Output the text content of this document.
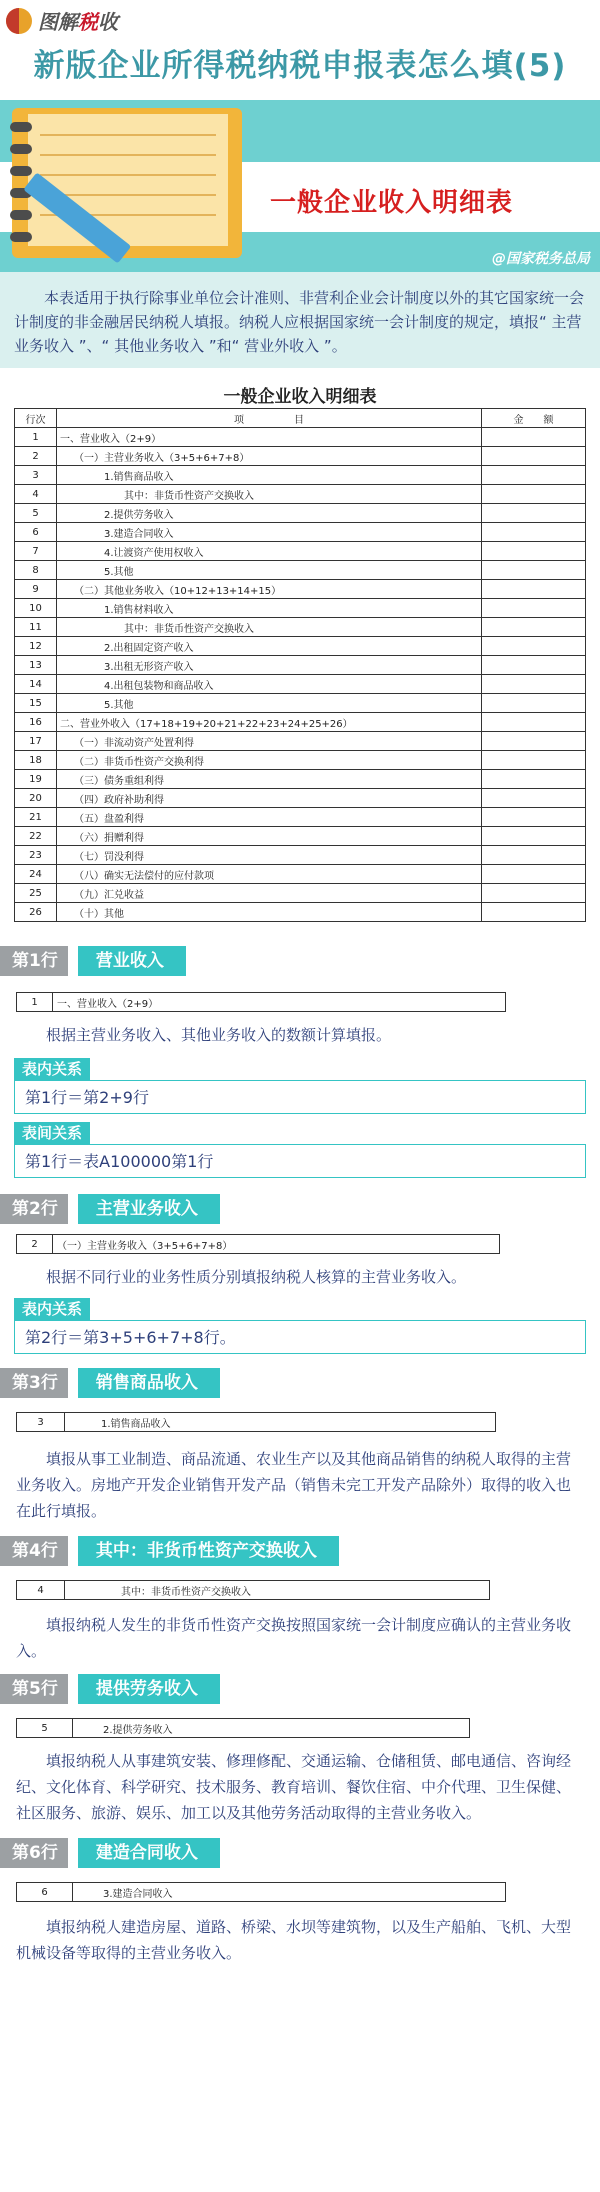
图解税收
新版企业所得税纳税申报表怎么填(5)
一般企业收入明细表
@国家税务总局
本表适用于执行除事业单位会计准则、非营利企业会计制度以外的其它国家统一会计制度的非金融居民纳税人填报。纳税人应根据国家统一会计制度的规定，填报“ 主营业务收入 ”、“ 其他业务收入 ”和“ 营业外收入 ”。
一般企业收入明细表
行次	项　　　　　目	金　　额
1	一、营业收入（2+9）	
2	（一）主营业务收入（3+5+6+7+8）	
3	1.销售商品收入	
4	其中：非货币性资产交换收入	
5	2.提供劳务收入	
6	3.建造合同收入	
7	4.让渡资产使用权收入	
8	5.其他	
9	（二）其他业务收入（10+12+13+14+15）	
10	1.销售材料收入	
11	其中：非货币性资产交换收入	
12	2.出租固定资产收入	
13	3.出租无形资产收入	
14	4.出租包装物和商品收入	
15	5.其他	
16	二、营业外收入（17+18+19+20+21+22+23+24+25+26）	
17	（一）非流动资产处置利得	
18	（二）非货币性资产交换利得	
19	（三）债务重组利得	
20	（四）政府补助利得	
21	（五）盘盈利得	
22	（六）捐赠利得	
23	（七）罚没利得	
24	（八）确实无法偿付的应付款项	
25	（九）汇兑收益	
26	（十）其他	
第1行	营业收入
1	一、营业收入（2+9）
根据主营业务收入、其他业务收入的数额计算填报。
表内关系
第1行＝第2+9行
表间关系
第1行＝表A100000第1行
第2行	主营业务收入
2	（一）主营业务收入（3+5+6+7+8）
根据不同行业的业务性质分别填报纳税人核算的主营业务收入。
表内关系
第2行＝第3+5+6+7+8行。
第3行	销售商品收入
3	1.销售商品收入
填报从事工业制造、商品流通、农业生产以及其他商品销售的纳税人取得的主营业务收入。房地产开发企业销售开发产品（销售未完工开发产品除外）取得的收入也在此行填报。
第4行	其中：非货币性资产交换收入
4	其中：非货币性资产交换收入
填报纳税人发生的非货币性资产交换按照国家统一会计制度应确认的主营业务收入。
第5行	提供劳务收入
5	2.提供劳务收入
填报纳税人从事建筑安装、修理修配、交通运输、仓储租赁、邮电通信、咨询经纪、文化体育、科学研究、技术服务、教育培训、餐饮住宿、中介代理、卫生保健、社区服务、旅游、娱乐、加工以及其他劳务活动取得的主营业务收入。
第6行	建造合同收入
6	3.建造合同收入
填报纳税人建造房屋、道路、桥梁、水坝等建筑物，以及生产船舶、飞机、大型机械设备等取得的主营业务收入。
